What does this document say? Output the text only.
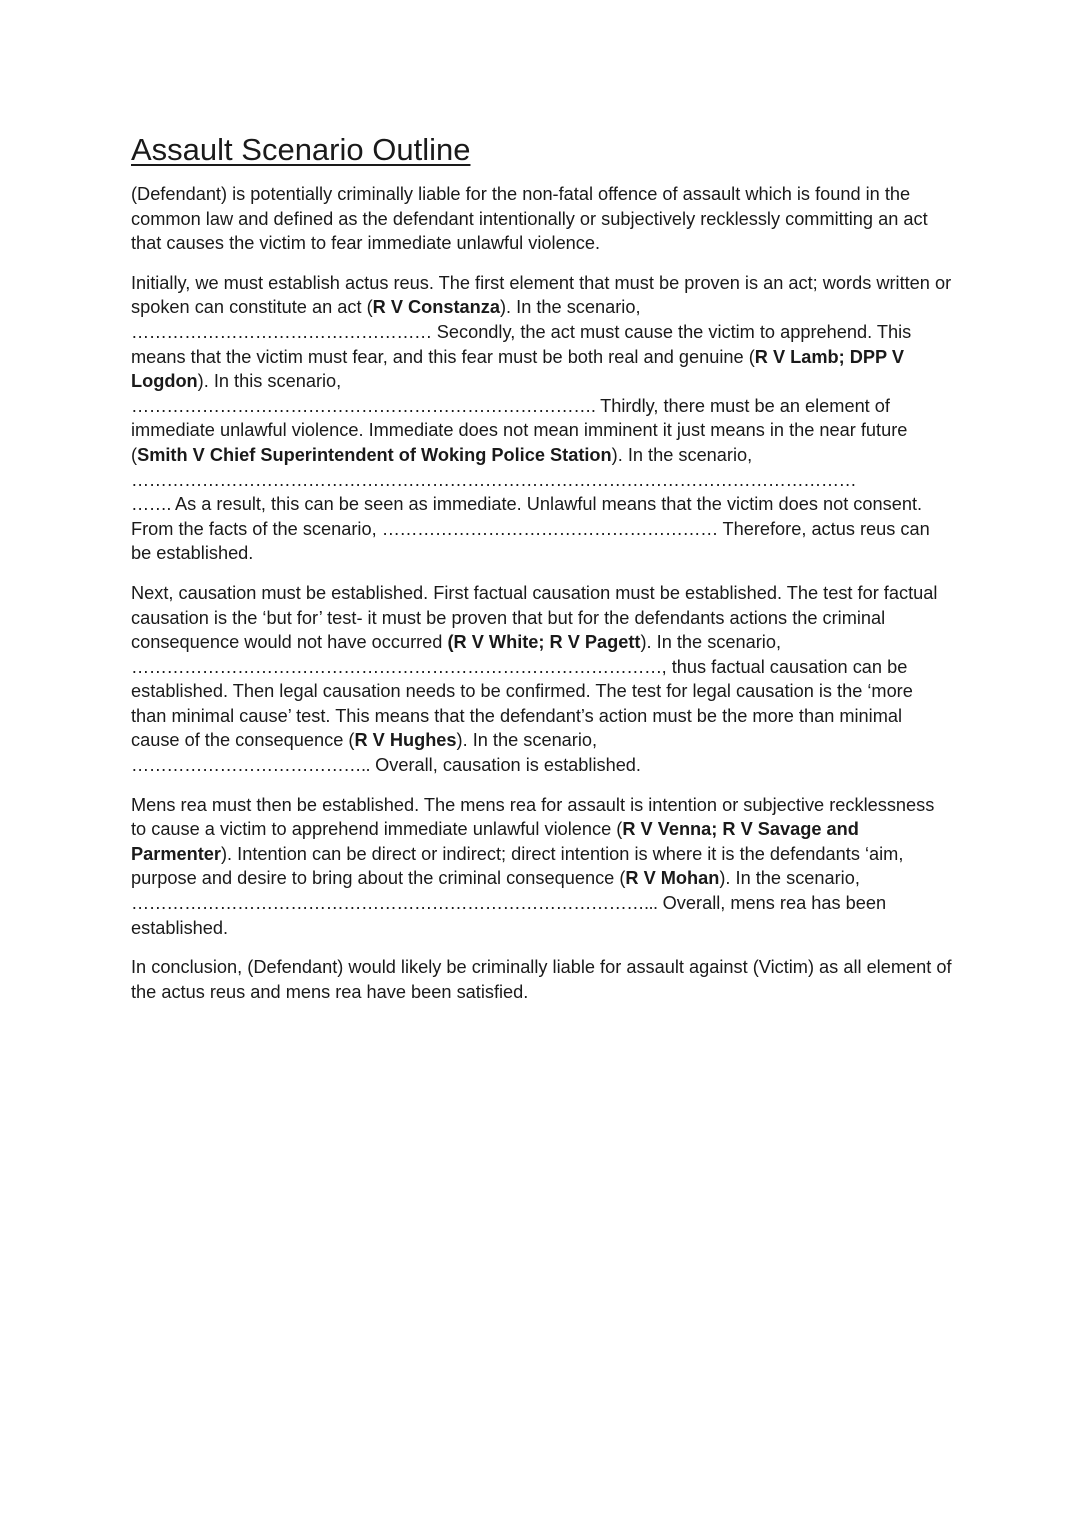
Assault Scenario Outline

(Defendant) is potentially criminally liable for the non-fatal offence of assault which is found in the common law and defined as the defendant intentionally or subjectively recklessly committing an act that causes the victim to fear immediate unlawful violence.

Initially, we must establish actus reus. The first element that must be proven is an act; words written or spoken can constitute an act (R V Constanza). In the scenario,
…………………………………………… Secondly, the act must cause the victim to apprehend. This means that the victim must fear, and this fear must be both real and genuine (R V Lamb; DPP V Logdon). In this scenario,
……………………………………………………………………. Thirdly, there must be an element of immediate unlawful violence. Immediate does not mean imminent it just means in the near future (Smith V Chief Superintendent of Woking Police Station). In the scenario,
……………………………………………………………………………………………………………
……. As a result, this can be seen as immediate. Unlawful means that the victim does not consent. From the facts of the scenario, ………………………………………………… Therefore, actus reus can be established.

Next, causation must be established. First factual causation must be established. The test for factual causation is the ‘but for’ test- it must be proven that but for the defendants actions the criminal consequence would not have occurred (R V White; R V Pagett). In the scenario, ………………………………………………………………………………, thus factual causation can be established. Then legal causation needs to be confirmed. The test for legal causation is the ‘more than minimal cause’ test. This means that the defendant’s action must be the more than minimal cause of the consequence (R V Hughes). In the scenario,
………………………………….. Overall, causation is established.

Mens rea must then be established. The mens rea for assault is intention or subjective recklessness to cause a victim to apprehend immediate unlawful violence (R V Venna; R V Savage and Parmenter). Intention can be direct or indirect; direct intention is where it is the defendants ‘aim, purpose and desire to bring about the criminal consequence (R V Mohan). In the scenario, ……………………………………………………………………………... Overall, mens rea has been established.

In conclusion, (Defendant) would likely be criminally liable for assault against (Victim) as all element of the actus reus and mens rea have been satisfied.
